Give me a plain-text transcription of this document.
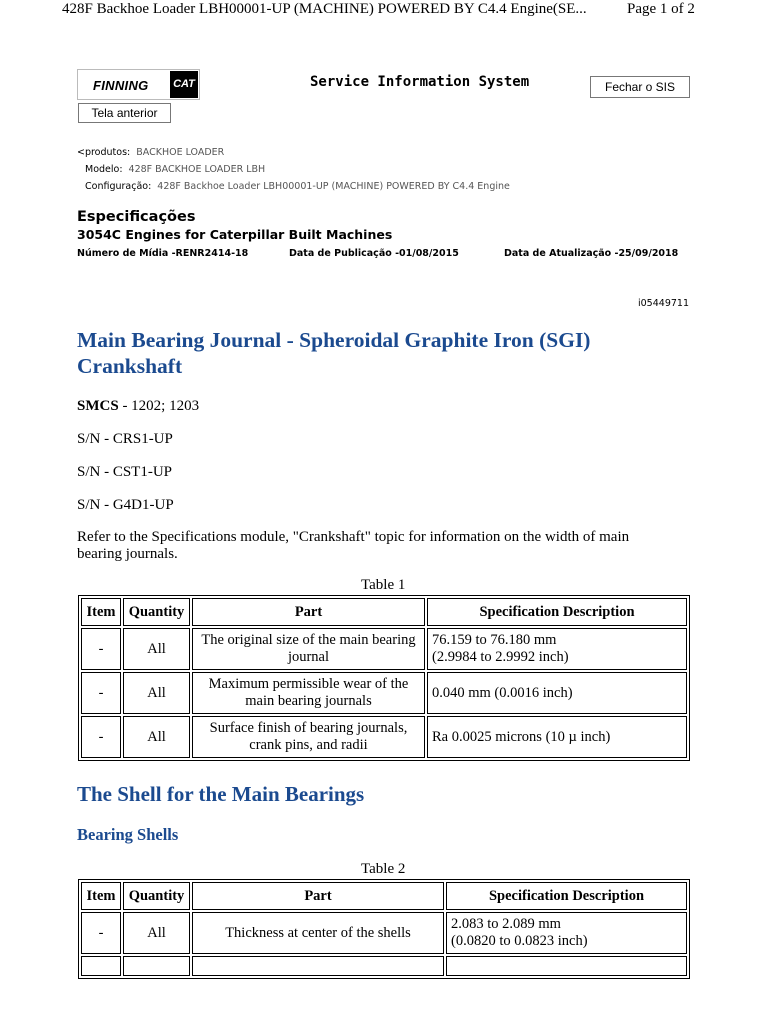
428F Backhoe Loader LBH00001-UP (MACHINE) POWERED BY C4.4 Engine(SE...	Page 1 of 2
FINNING CAT	Service Information System	Fechar o SIS
Tela anterior
<produtos: BACKHOE LOADER
Modelo: 428F BACKHOE LOADER LBH
Configuração: 428F Backhoe Loader LBH00001-UP (MACHINE) POWERED BY C4.4 Engine
Especificações
3054C Engines for Caterpillar Built Machines
Número de Mídia -RENR2414-18	Data de Publicação -01/08/2015	Data de Atualização -25/09/2018
i05449711
Main Bearing Journal - Spheroidal Graphite Iron (SGI) Crankshaft
SMCS - 1202; 1203
S/N - CRS1-UP
S/N - CST1-UP
S/N - G4D1-UP
Refer to the Specifications module, "Crankshaft" topic for information on the width of main bearing journals.
Table 1
Item	Quantity	Part	Specification Description
-	All	The original size of the main bearing journal	76.159 to 76.180 mm
(2.9984 to 2.9992 inch)
-	All	Maximum permissible wear of the main bearing journals	0.040 mm (0.0016 inch)
-	All	Surface finish of bearing journals, crank pins, and radii	Ra 0.0025 microns (10 µ inch)
The Shell for the Main Bearings
Bearing Shells
Table 2
Item	Quantity	Part	Specification Description
-	All	Thickness at center of the shells	2.083 to 2.089 mm
(0.0820 to 0.0823 inch)
